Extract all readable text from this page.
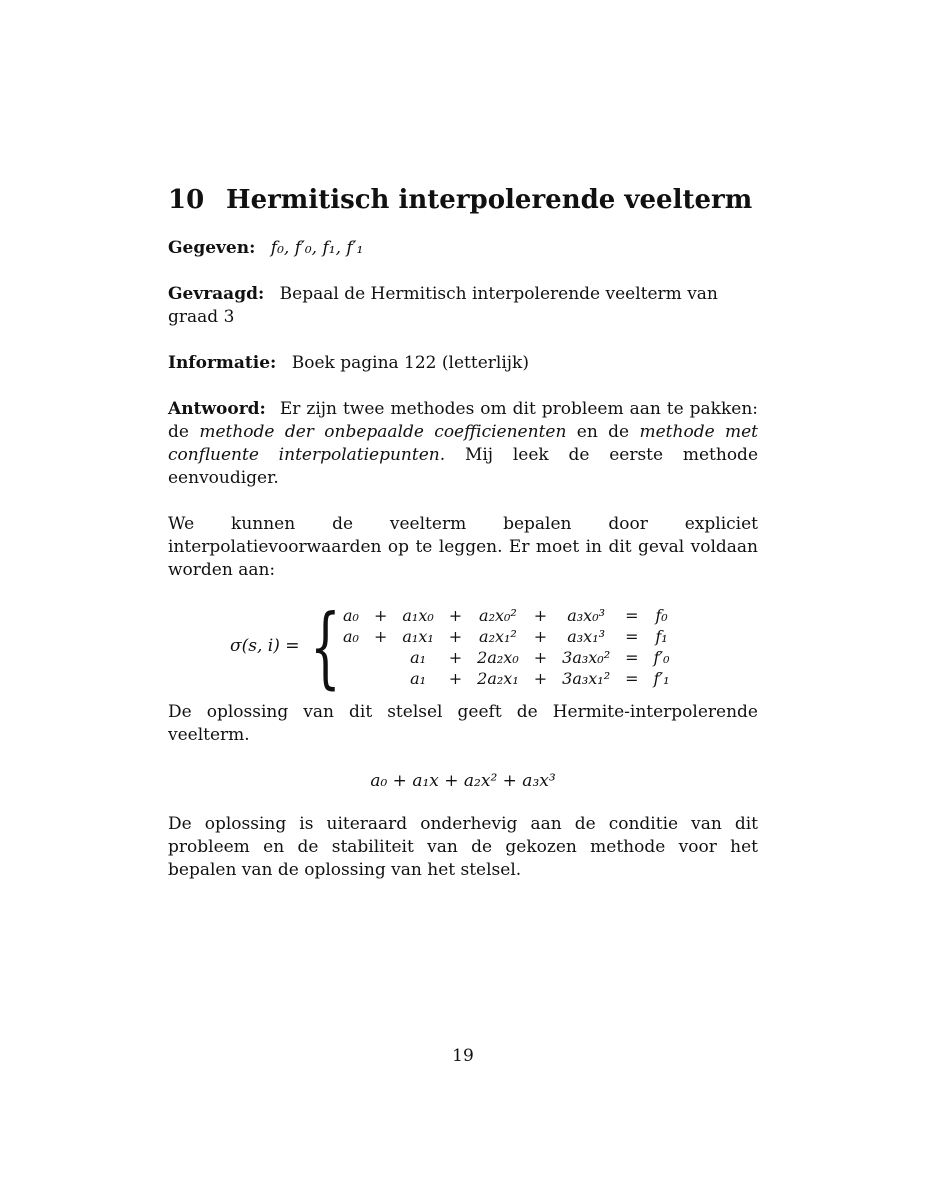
10 Hermitisch interpolerende veelterm
Gegeven: f₀, f′₀, f₁, f′₁
Gevraagd: Bepaal de Hermitisch interpolerende veelterm van graad 3
Informatie: Boek pagina 122 (letterlijk)

Antwoord: Er zijn twee methodes om dit probleem aan te pakken: de methode der onbepaalde coefficienenten en de methode met confluente interpolatiepunten. Mij leek de eerste methode eenvoudiger.

We kunnen de veelterm bepalen door expliciet interpolatievoorwaarden op te leggen. Er moet in dit geval voldaan worden aan:

σ(s, i) = { a₀	+	a₁x₀	+	a₂x₀²	+	a₃x₀³	=	f₀
a₀	+	a₁x₁	+	a₂x₁²	+	a₃x₁³	=	f₁
		a₁	+	2a₂x₀	+	3a₃x₀²	=	f′₀
		a₁	+	2a₂x₁	+	3a₃x₁²	=	f′₁

De oplossing van dit stelsel geeft de Hermite-interpolerende veelterm.

a₀ + a₁x + a₂x² + a₃x³

De oplossing is uiteraard onderhevig aan de conditie van dit probleem en de stabiliteit van de gekozen methode voor het bepalen van de oplossing van het stelsel.

19
